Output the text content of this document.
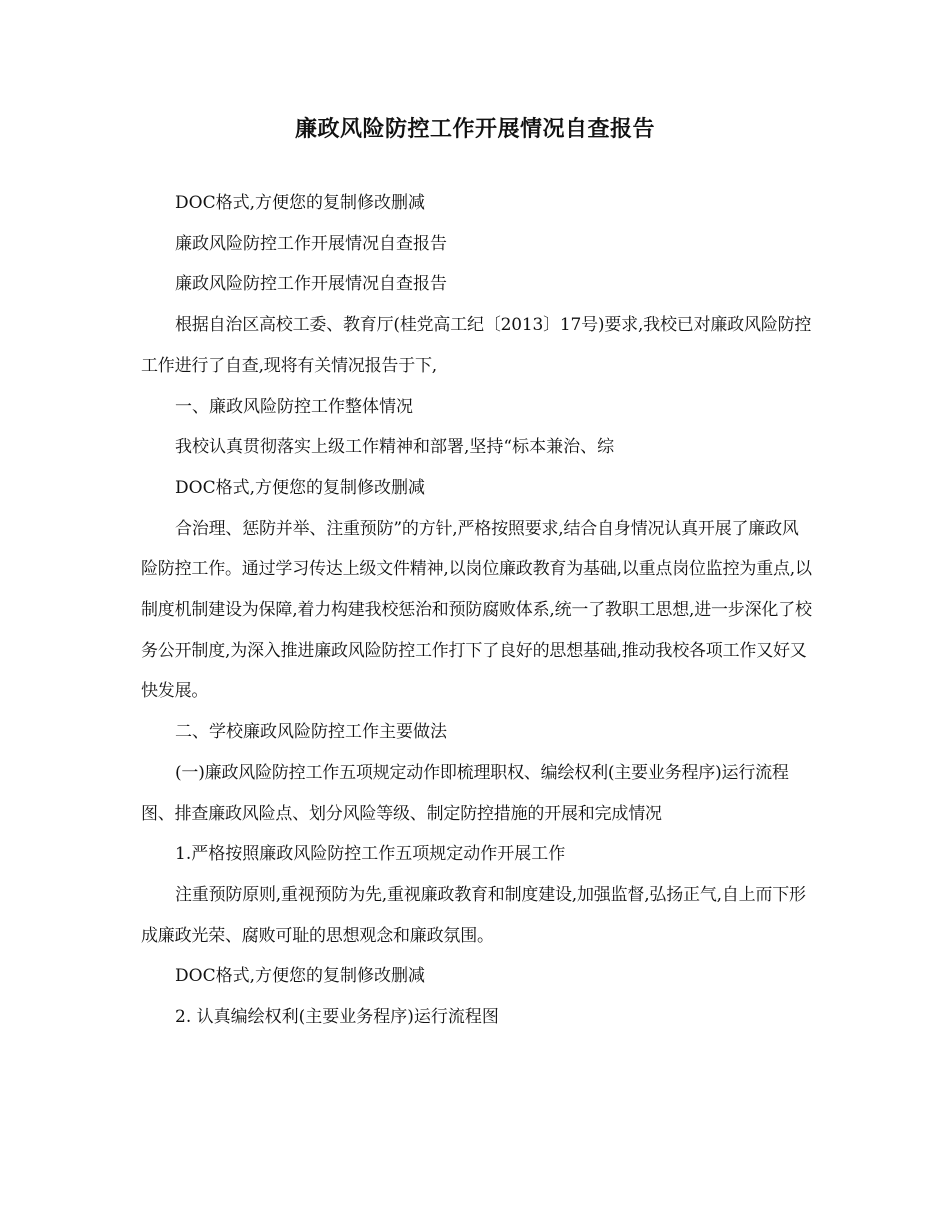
廉政风险防控工作开展情况自查报告

DOC格式,方便您的复制修改删减

廉政风险防控工作开展情况自查报告

廉政风险防控工作开展情况自查报告

根据自治区高校工委、教育厅(桂党高工纪〔2013〕17号)要求,我校已对廉政风险防控工作进行了自查,现将有关情况报告于下,

一、廉政风险防控工作整体情况

我校认真贯彻落实上级工作精神和部署,坚持“标本兼治、综

DOC格式,方便您的复制修改删减

合治理、惩防并举、注重预防”的方针,严格按照要求,结合自身情况认真开展了廉政风险防控工作。通过学习传达上级文件精神,以岗位廉政教育为基础,以重点岗位监控为重点,以制度机制建设为保障,着力构建我校惩治和预防腐败体系,统一了教职工思想,进一步深化了校务公开制度,为深入推进廉政风险防控工作打下了良好的思想基础,推动我校各项工作又好又快发展。

二、学校廉政风险防控工作主要做法

(一)廉政风险防控工作五项规定动作即梳理职权、编绘权利(主要业务程序)运行流程图、排查廉政风险点、划分风险等级、制定防控措施的开展和完成情况

1.严格按照廉政风险防控工作五项规定动作开展工作

注重预防原则,重视预防为先,重视廉政教育和制度建设,加强监督,弘扬正气,自上而下形成廉政光荣、腐败可耻的思想观念和廉政氛围。

DOC格式,方便您的复制修改删减

2. 认真编绘权利(主要业务程序)运行流程图
